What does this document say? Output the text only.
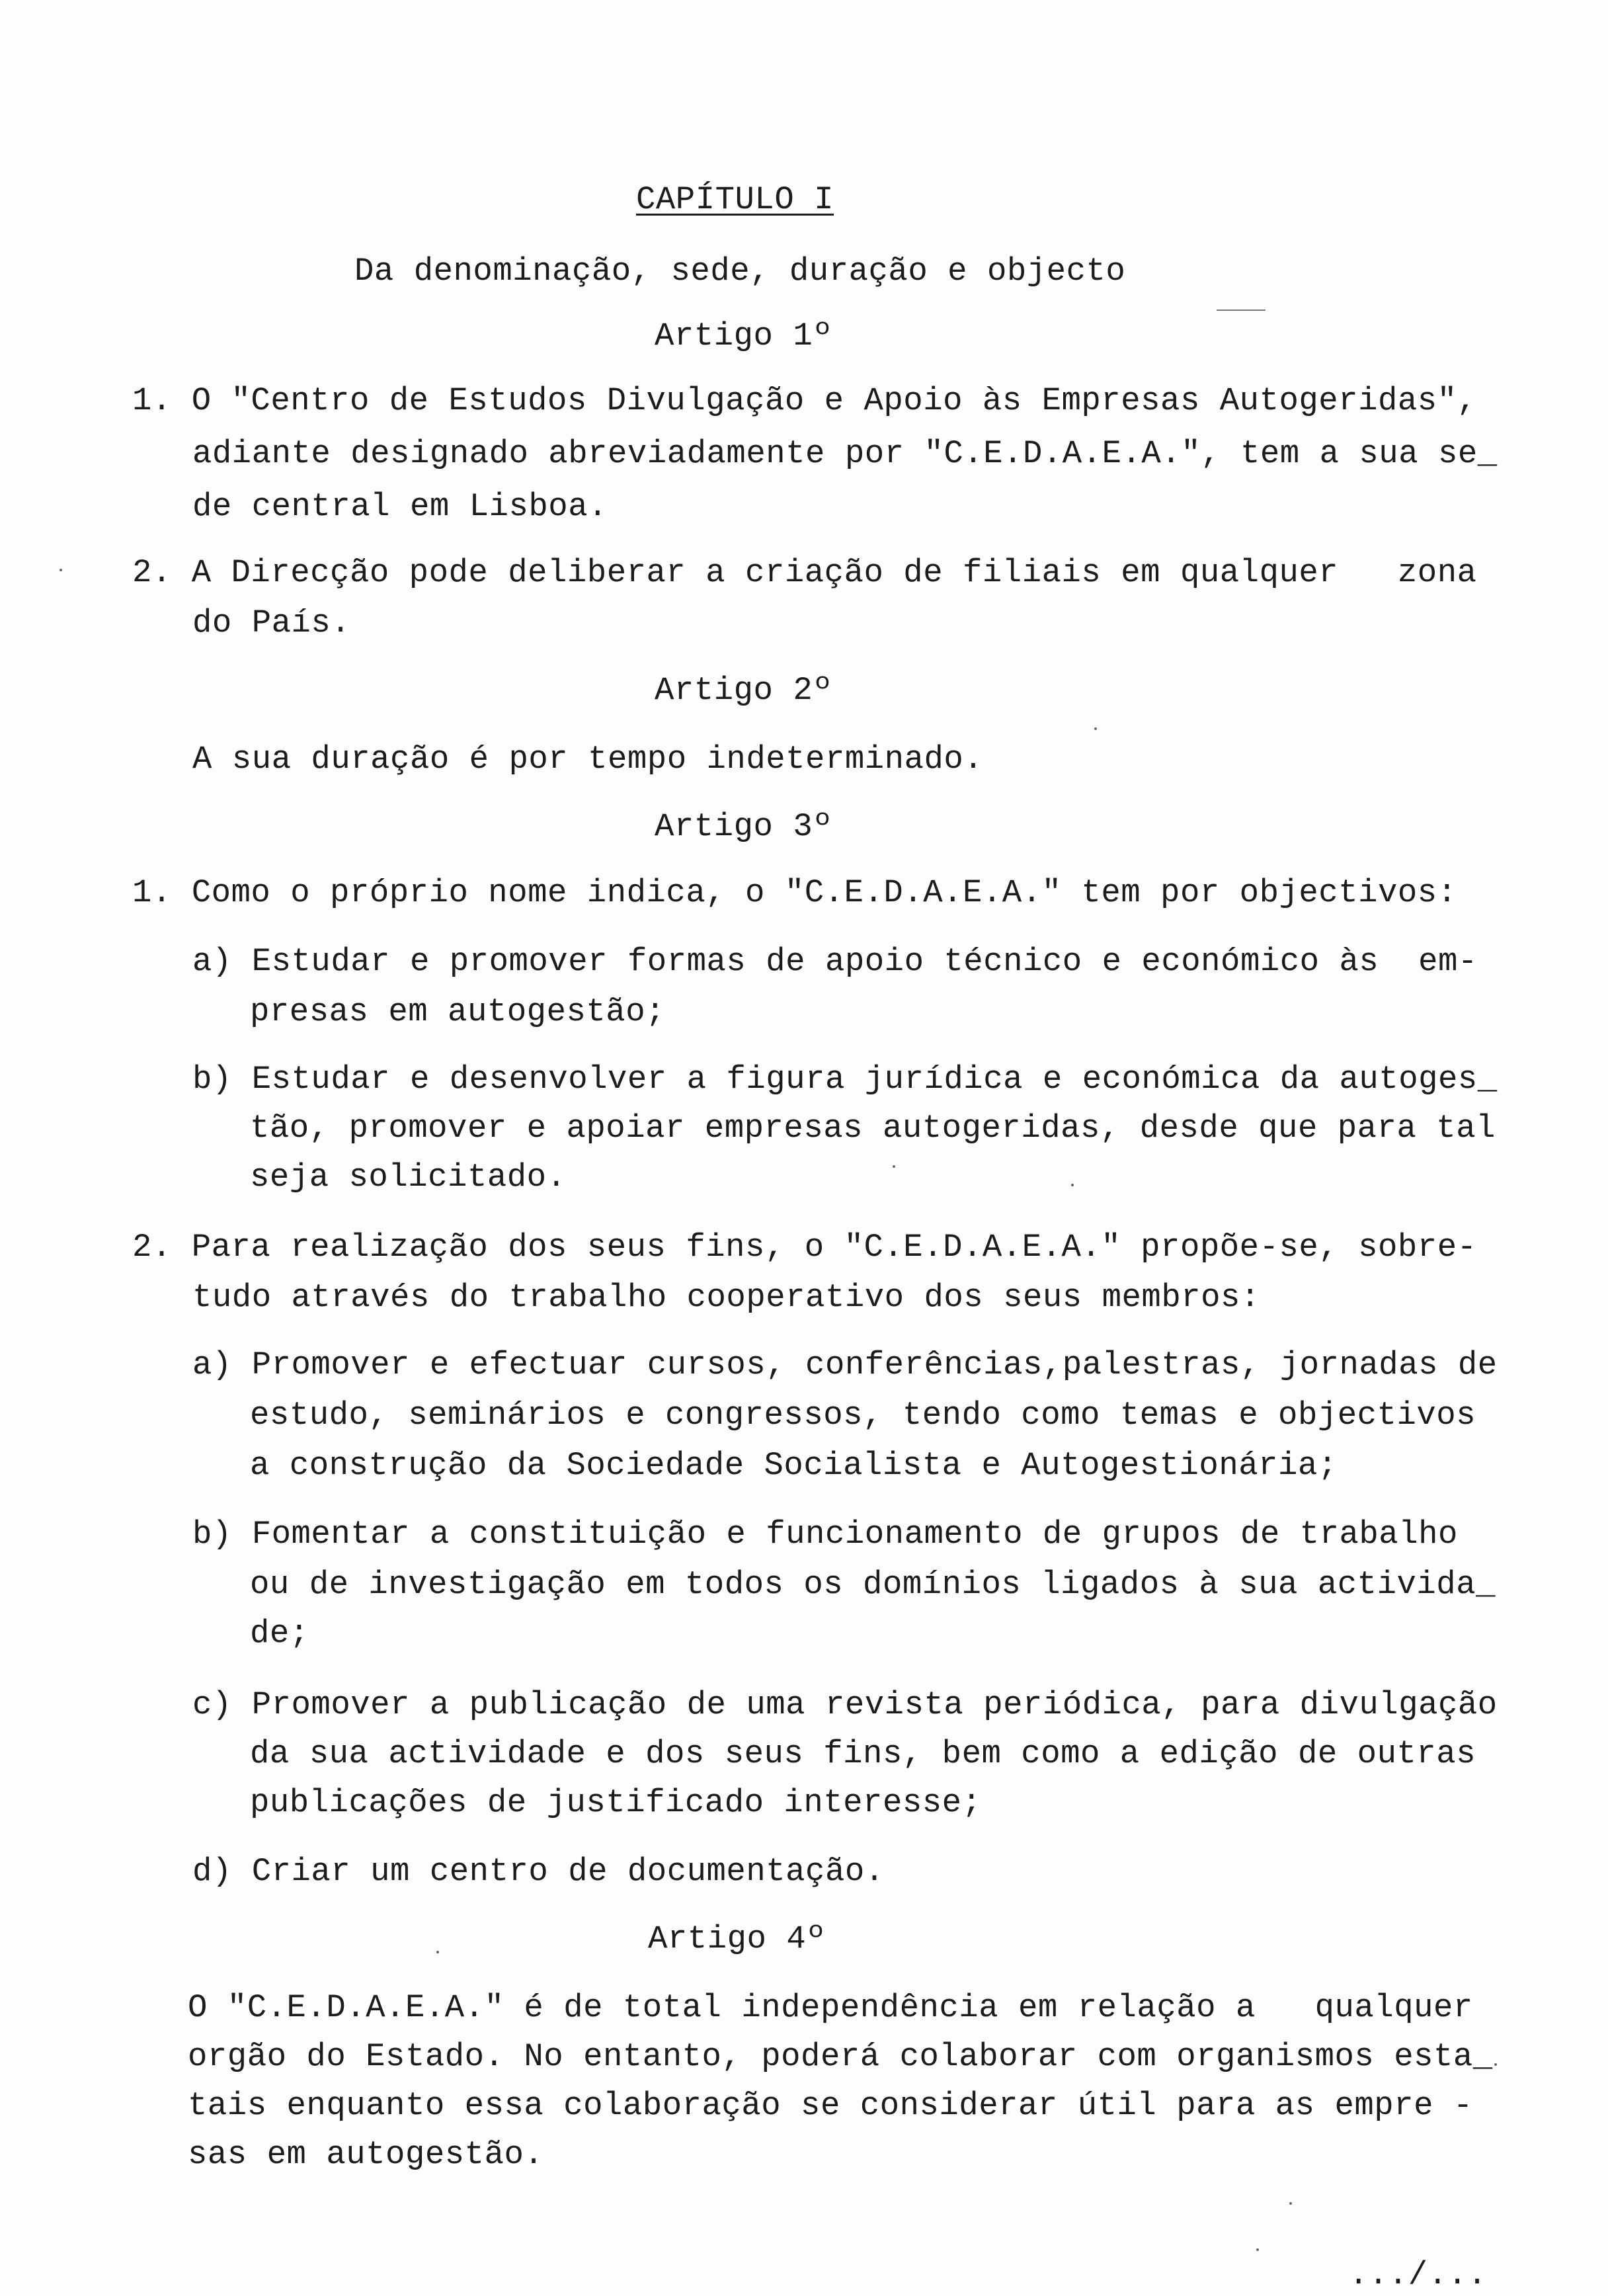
CAPÍTULO I
Da denominação, sede, duração e objecto
Artigo 1º
1. O "Centro de Estudos Divulgação e Apoio às Empresas Autogeridas",
adiante designado abreviadamente por "C.E.D.A.E.A.", tem a sua se_
de central em Lisboa.
2. A Direcção pode deliberar a criação de filiais em qualquer   zona
do País.
Artigo 2º
A sua duração é por tempo indeterminado.
Artigo 3º
1. Como o próprio nome indica, o "C.E.D.A.E.A." tem por objectivos:
a) Estudar e promover formas de apoio técnico e económico às  em-
presas em autogestão;
b) Estudar e desenvolver a figura jurídica e económica da autoges_
tão, promover e apoiar empresas autogeridas, desde que para tal
seja solicitado.
2. Para realização dos seus fins, o "C.E.D.A.E.A." propõe-se, sobre-
tudo através do trabalho cooperativo dos seus membros:
a) Promover e efectuar cursos, conferências,palestras, jornadas de
estudo, seminários e congressos, tendo como temas e objectivos
a construção da Sociedade Socialista e Autogestionária;
b) Fomentar a constituição e funcionamento de grupos de trabalho
ou de investigação em todos os domínios ligados à sua activida_
de;
c) Promover a publicação de uma revista periódica, para divulgação
da sua actividade e dos seus fins, bem como a edição de outras
publicações de justificado interesse;
d) Criar um centro de documentação.
Artigo 4º
O "C.E.D.A.E.A." é de total independência em relação a   qualquer
orgão do Estado. No entanto, poderá colaborar com organismos esta_
tais enquanto essa colaboração se considerar útil para as empre -
sas em autogestão.
.../...
